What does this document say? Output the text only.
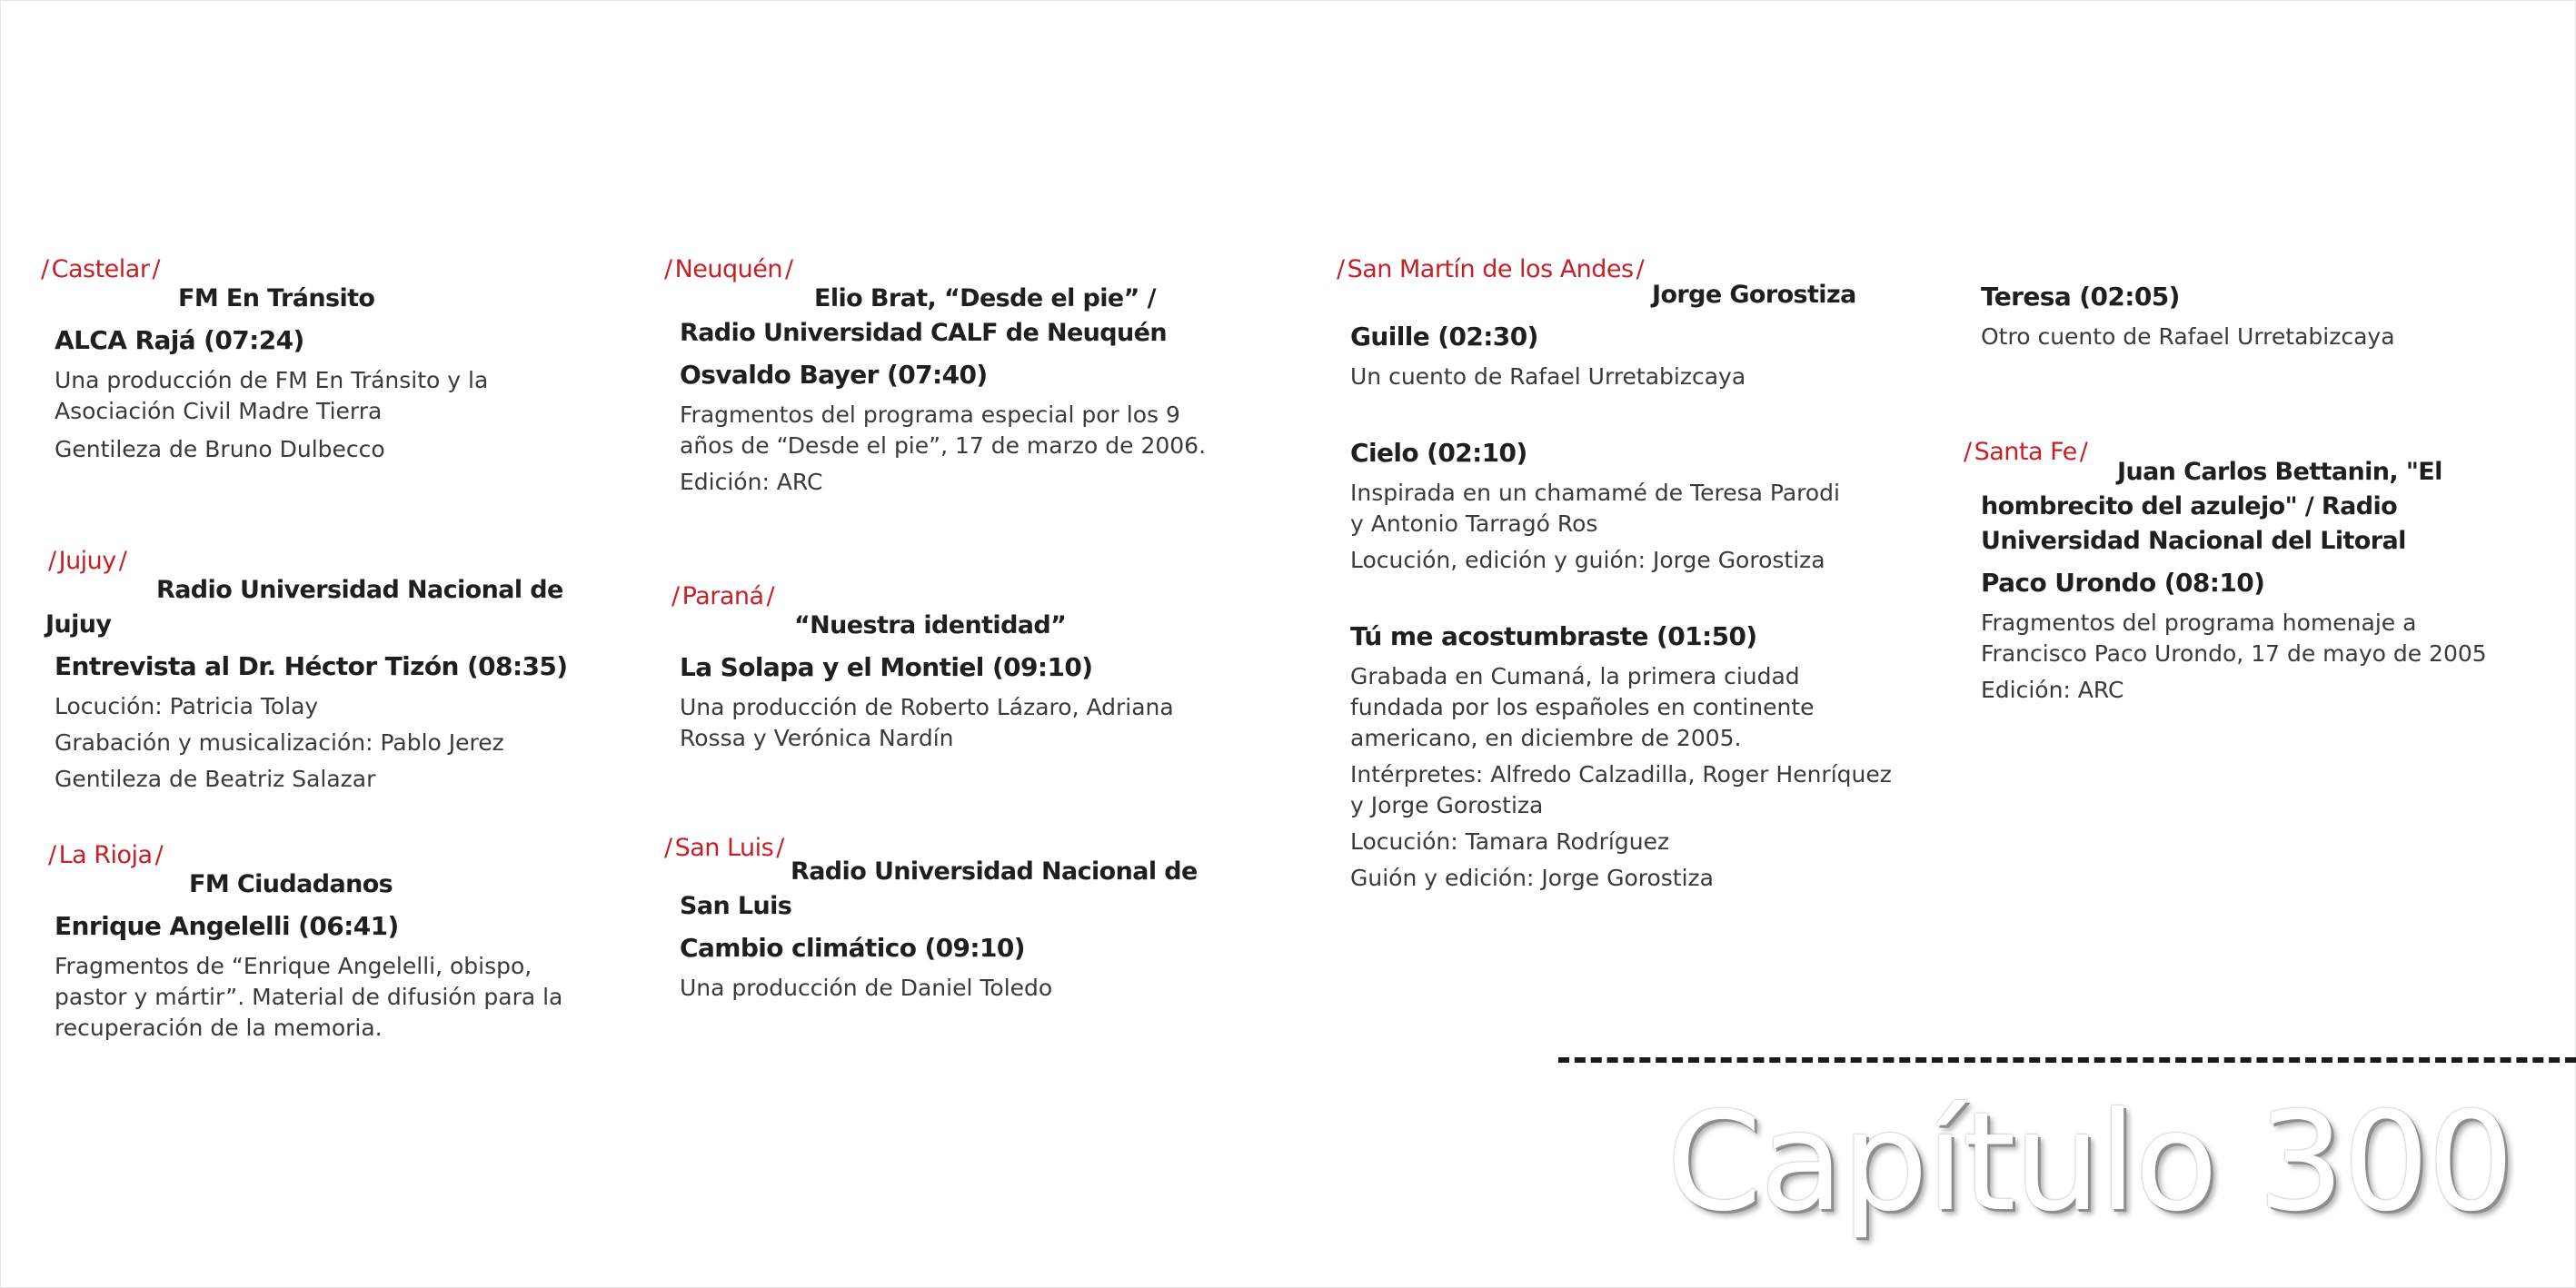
/ Castelar /
FM En Tránsito
ALCA Rajá (07:24)
Una producción de FM En Tránsito y la Asociación Civil Madre Tierra
Gentileza de Bruno Dulbecco
/ Jujuy /
Radio Universidad Nacional de Jujuy
Entrevista al Dr. Héctor Tizón (08:35)
Locución: Patricia Tolay
Grabación y musicalización: Pablo Jerez
Gentileza de Beatriz Salazar
/ La Rioja /
FM Ciudadanos
Enrique Angelelli (06:41)
Fragmentos de “Enrique Angelelli, obispo, pastor y mártir”. Material de difusión para la recuperación de la memoria.
/ Neuquén /
Elio Brat, “Desde el pie” / Radio Universidad CALF de Neuquén
Osvaldo Bayer (07:40)
Fragmentos del programa especial por los 9 años de “Desde el pie”, 17 de marzo de 2006.
Edición: ARC
/ Paraná /
“Nuestra identidad”
La Solapa y el Montiel (09:10)
Una producción de Roberto Lázaro, Adriana Rossa y Verónica Nardín
/ San Luis /
Radio Universidad Nacional de San Luis
Cambio climático (09:10)
Una producción de Daniel Toledo
/ San Martín de los Andes /
Jorge Gorostiza
Guille (02:30)
Un cuento de Rafael Urretabizcaya
Cielo (02:10)
Inspirada en un chamamé de Teresa Parodi y Antonio Tarragó Ros
Locución, edición y guión: Jorge Gorostiza
Tú me acostumbraste (01:50)
Grabada en Cumaná, la primera ciudad fundada por los españoles en continente americano, en diciembre de 2005.
Intérpretes: Alfredo Calzadilla, Roger Henríquez y Jorge Gorostiza
Locución: Tamara Rodríguez
Guión y edición: Jorge Gorostiza
Teresa (02:05)
Otro cuento de Rafael Urretabizcaya
/ Santa Fe /
Juan Carlos Bettanin, "El hombrecito del azulejo" / Radio Universidad Nacional del Litoral
Paco Urondo (08:10)
Fragmentos del programa homenaje a Francisco Paco Urondo, 17 de mayo de 2005
Edición: ARC
Capítulo 300
